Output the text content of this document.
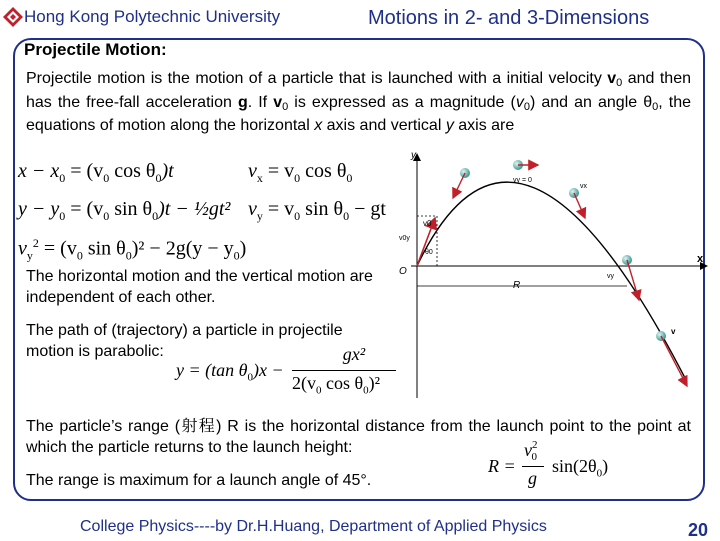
Hong Kong Polytechnic University	Motions in 2- and 3-Dimensions
Projectile Motion:
Projectile motion is the motion of a particle that is launched with a initial velocity v0 and then has the free-fall acceleration g. If v0 is expressed as a magnitude (v0) and an angle θ0, the equations of motion along the horizontal x axis and vertical y axis are
$x - x_0 = (v_0$ $\cos \theta_0)t$
$y - y_0 = (v_0$ $\sin \theta_0)t$ − ½gt²
$v_y^2 = (v_0$ $\sin \theta_0)^2 - 2g(y - y_0)$
$v_x = v_0$ $\cos \theta_0$
$v_y = v_0$ $\sin \theta_0$ − gt
The horizontal motion and the vertical motion are independent of each other.
The path of (trajectory) a particle in projectile motion is parabolic:
y = (tan $\theta_0)x$ −
gx²
$2(v_0$ $\cos \theta_0)^2$
The particle’s range (射程) R is the horizontal distance from the launch point to the point at which the particle returns to the launch height:
R =
$v^2_0$
g
$\sin(2\theta_0)$
The range is maximum for a launch angle of 45°.
y
x
O
R
v0
v0y
θ0
vy = 0
vx
vy
v
College Physics----by Dr.H.Huang, Department of Applied Physics	20
